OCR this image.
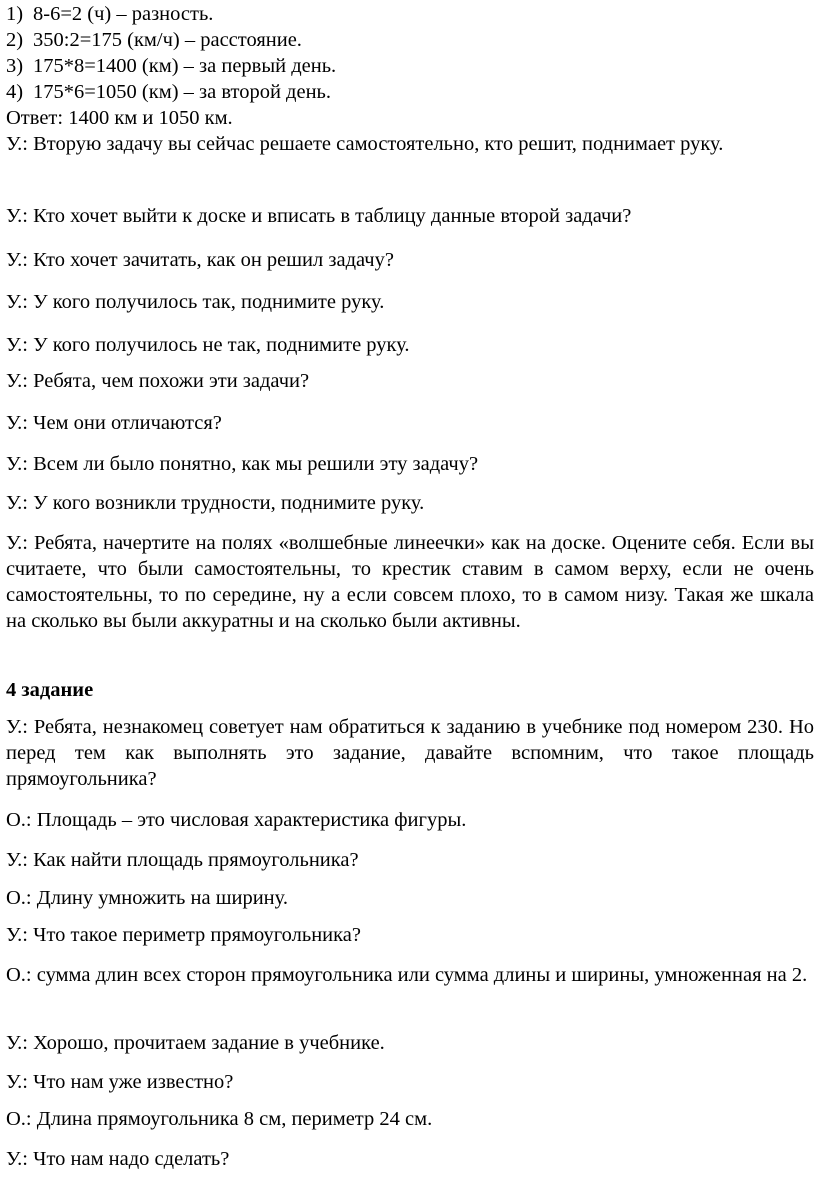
1) 8-6=2 (ч) – разность.
2) 350:2=175 (км/ч) – расстояние.
3) 175*8=1400 (км) – за первый день.
4) 175*6=1050 (км) – за второй день.
Ответ: 1400 км и 1050 км.

У.: Вторую задачу вы сейчас решаете самостоятельно, кто решит, поднимает руку.

У.: Кто хочет выйти к доске и вписать в таблицу данные второй задачи?

У.: Кто хочет зачитать, как он решил задачу?

У.: У кого получилось так, поднимите руку.

У.: У кого получилось не так, поднимите руку.

У.: Ребята, чем похожи эти задачи?

У.: Чем они отличаются?

У.: Всем ли было понятно, как мы решили эту задачу?

У.: У кого возникли трудности, поднимите руку.

У.: Ребята, начертите на полях «волшебные линеечки» как на доске. Оцените себя. Если вы считаете, что были самостоятельны, то крестик ставим в самом верху, если не очень самостоятельны, то по середине, ну а если совсем плохо, то в самом низу. Такая же шкала на сколько вы были аккуратны и на сколько были активны.

4 задание

У.: Ребята, незнакомец советует нам обратиться к заданию в учебнике под номером 230. Но перед тем как выполнять это задание, давайте вспомним, что такое площадь прямоугольника?

О.: Площадь – это числовая характеристика фигуры.

У.: Как найти площадь прямоугольника?

О.: Длину умножить на ширину.

У.: Что такое периметр прямоугольника?

О.: сумма длин всех сторон прямоугольника или сумма длины и ширины, умноженная на 2.

У.: Хорошо, прочитаем задание в учебнике.

У.: Что нам уже известно?

О.: Длина прямоугольника 8 см, периметр 24 см.

У.: Что нам надо сделать?
